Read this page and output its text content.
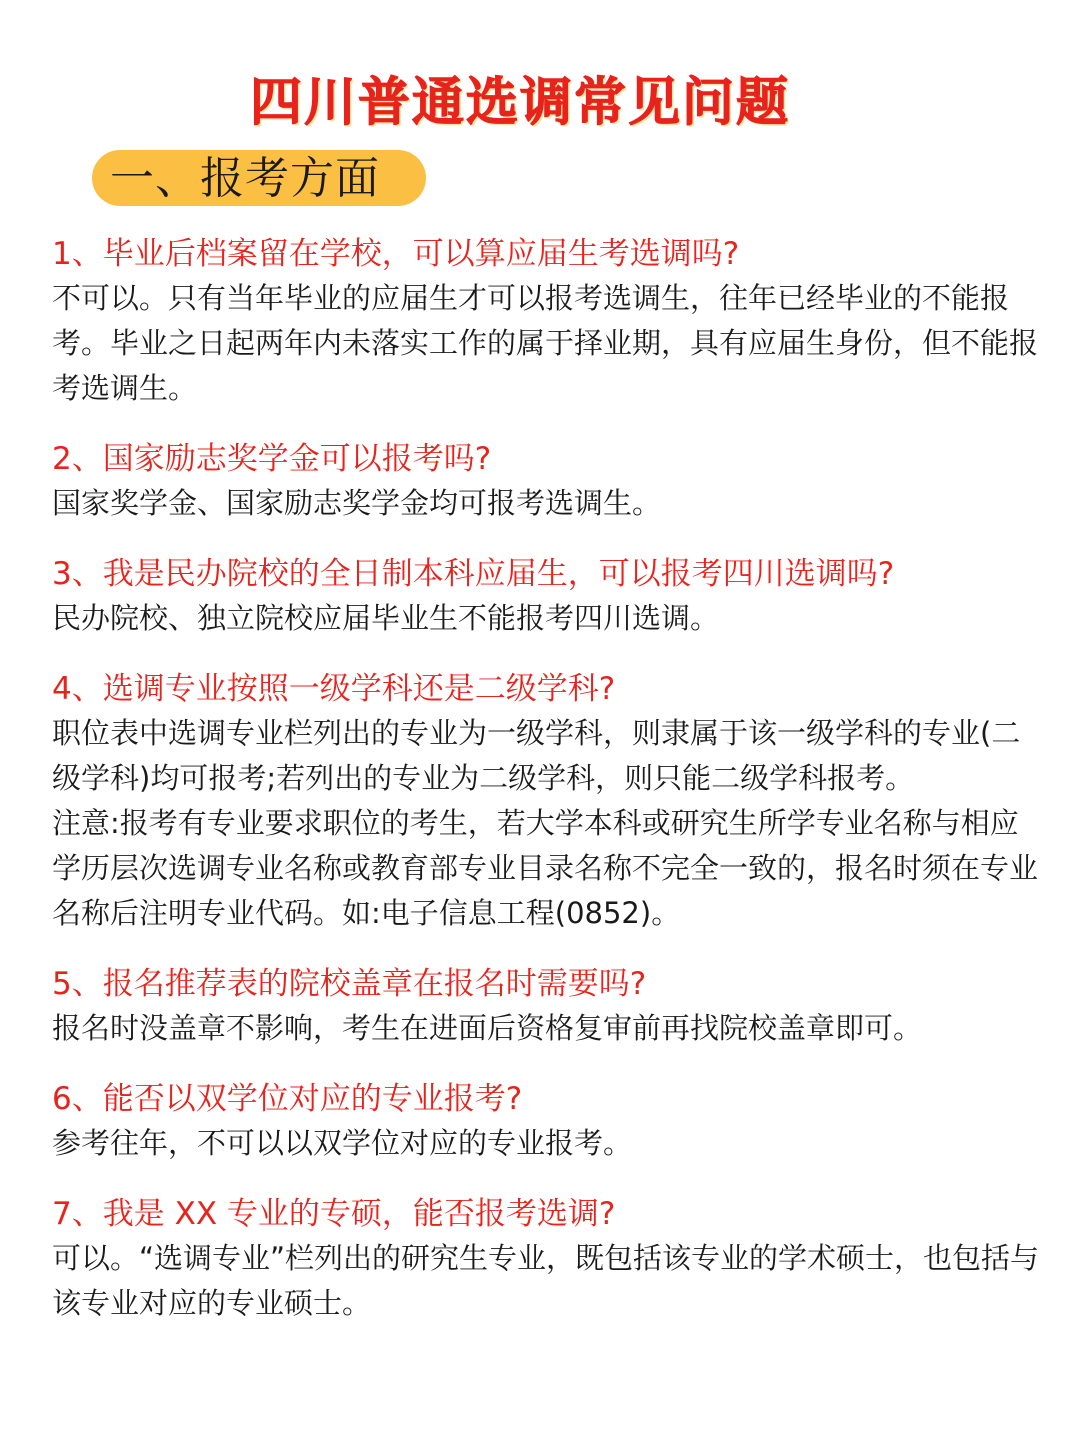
四川普通选调常见问题
一、报考方面

1、毕业后档案留在学校，可以算应届生考选调吗?

不可以。只有当年毕业的应届生才可以报考选调生，往年已经毕业的不能报考。毕业之日起两年内未落实工作的属于择业期，具有应届生身份，但不能报考选调生。

2、国家励志奖学金可以报考吗?

国家奖学金、国家励志奖学金均可报考选调生。

3、我是民办院校的全日制本科应届生，可以报考四川选调吗?

民办院校、独立院校应届毕业生不能报考四川选调。

4、选调专业按照一级学科还是二级学科?

职位表中选调专业栏列出的专业为一级学科，则隶属于该一级学科的专业(二级学科)均可报考;若列出的专业为二级学科，则只能二级学科报考。

注意:报考有专业要求职位的考生，若大学本科或研究生所学专业名称与相应学历层次选调专业名称或教育部专业目录名称不完全一致的，报名时须在专业名称后注明专业代码。如:电子信息工程(0852)。

5、报名推荐表的院校盖章在报名时需要吗?

报名时没盖章不影响，考生在进面后资格复审前再找院校盖章即可。

6、能否以双学位对应的专业报考?

参考往年，不可以以双学位对应的专业报考。

7、我是 XX 专业的专硕，能否报考选调?

可以。“选调专业”栏列出的研究生专业，既包括该专业的学术硕士，也包括与该专业对应的专业硕士。
